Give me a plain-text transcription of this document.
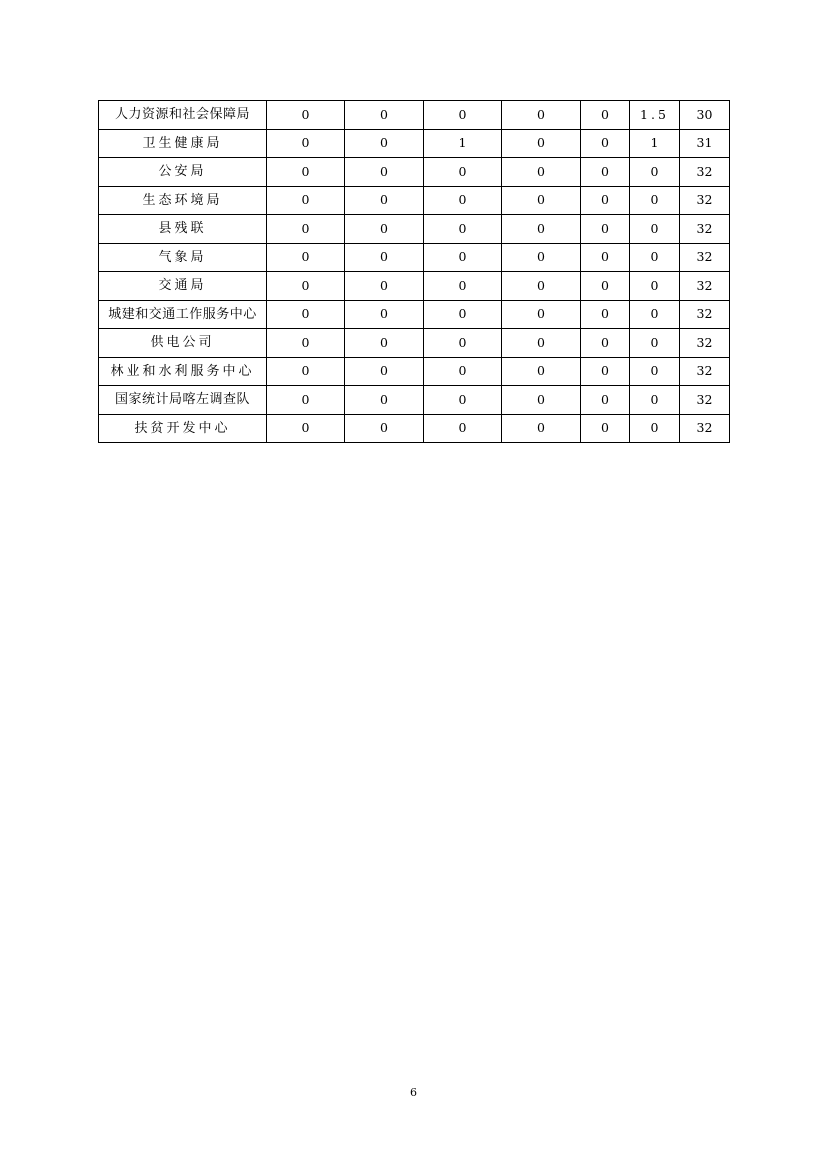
人力资源和社会保障局	0	0	0	0	0	1.5	30
卫生健康局	0	0	1	0	0	1	31
公安局	0	0	0	0	0	0	32
生态环境局	0	0	0	0	0	0	32
县残联	0	0	0	0	0	0	32
气象局	0	0	0	0	0	0	32
交通局	0	0	0	0	0	0	32
城建和交通工作服务中心	0	0	0	0	0	0	32
供电公司	0	0	0	0	0	0	32
林业和水利服务中心	0	0	0	0	0	0	32
国家统计局喀左调查队	0	0	0	0	0	0	32
扶贫开发中心	0	0	0	0	0	0	32
6
